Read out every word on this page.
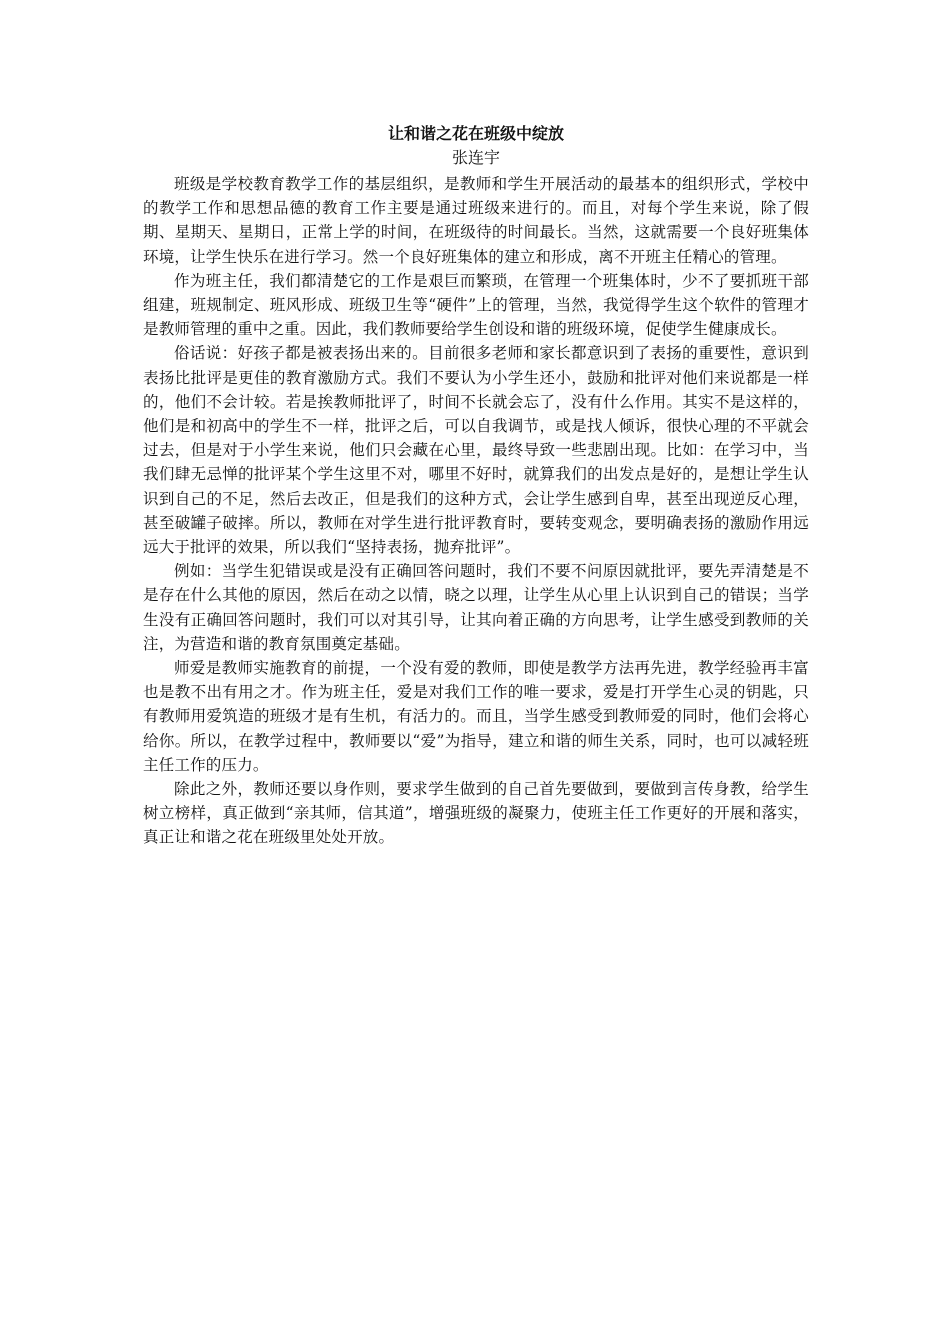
让和谐之花在班级中绽放
张连宇

班级是学校教育教学工作的基层组织，是教师和学生开展活动的最基本的组织形式，学校中的教学工作和思想品德的教育工作主要是通过班级来进行的。而且，对每个学生来说，除了假期、星期天、星期日，正常上学的时间，在班级待的时间最长。当然，这就需要一个良好班集体环境，让学生快乐在进行学习。然一个良好班集体的建立和形成，离不开班主任精心的管理。

作为班主任，我们都清楚它的工作是艰巨而繁琐，在管理一个班集体时，少不了要抓班干部组建，班规制定、班风形成、班级卫生等“硬件”上的管理，当然，我觉得学生这个软件的管理才是教师管理的重中之重。因此，我们教师要给学生创设和谐的班级环境，促使学生健康成长。

俗话说：好孩子都是被表扬出来的。目前很多老师和家长都意识到了表扬的重要性，意识到表扬比批评是更佳的教育激励方式。我们不要认为小学生还小，鼓励和批评对他们来说都是一样的，他们不会计较。若是挨教师批评了，时间不长就会忘了，没有什么作用。其实不是这样的，他们是和初高中的学生不一样，批评之后，可以自我调节，或是找人倾诉，很快心理的不平就会过去，但是对于小学生来说，他们只会藏在心里，最终导致一些悲剧出现。比如：在学习中，当我们肆无忌惮的批评某个学生这里不对，哪里不好时，就算我们的出发点是好的，是想让学生认识到自己的不足，然后去改正，但是我们的这种方式，会让学生感到自卑，甚至出现逆反心理，甚至破罐子破摔。所以，教师在对学生进行批评教育时，要转变观念，要明确表扬的激励作用远远大于批评的效果，所以我们“坚持表扬，抛弃批评”。

例如：当学生犯错误或是没有正确回答问题时，我们不要不问原因就批评，要先弄清楚是不是存在什么其他的原因，然后在动之以情，晓之以理，让学生从心里上认识到自己的错误；当学生没有正确回答问题时，我们可以对其引导，让其向着正确的方向思考，让学生感受到教师的关注，为营造和谐的教育氛围奠定基础。

师爱是教师实施教育的前提，一个没有爱的教师，即使是教学方法再先进，教学经验再丰富也是教不出有用之才。作为班主任，爱是对我们工作的唯一要求，爱是打开学生心灵的钥匙，只有教师用爱筑造的班级才是有生机，有活力的。而且，当学生感受到教师爱的同时，他们会将心给你。所以，在教学过程中，教师要以“爱”为指导，建立和谐的师生关系，同时，也可以减轻班主任工作的压力。

除此之外，教师还要以身作则，要求学生做到的自己首先要做到，要做到言传身教，给学生树立榜样，真正做到“亲其师，信其道”，增强班级的凝聚力，使班主任工作更好的开展和落实，真正让和谐之花在班级里处处开放。
